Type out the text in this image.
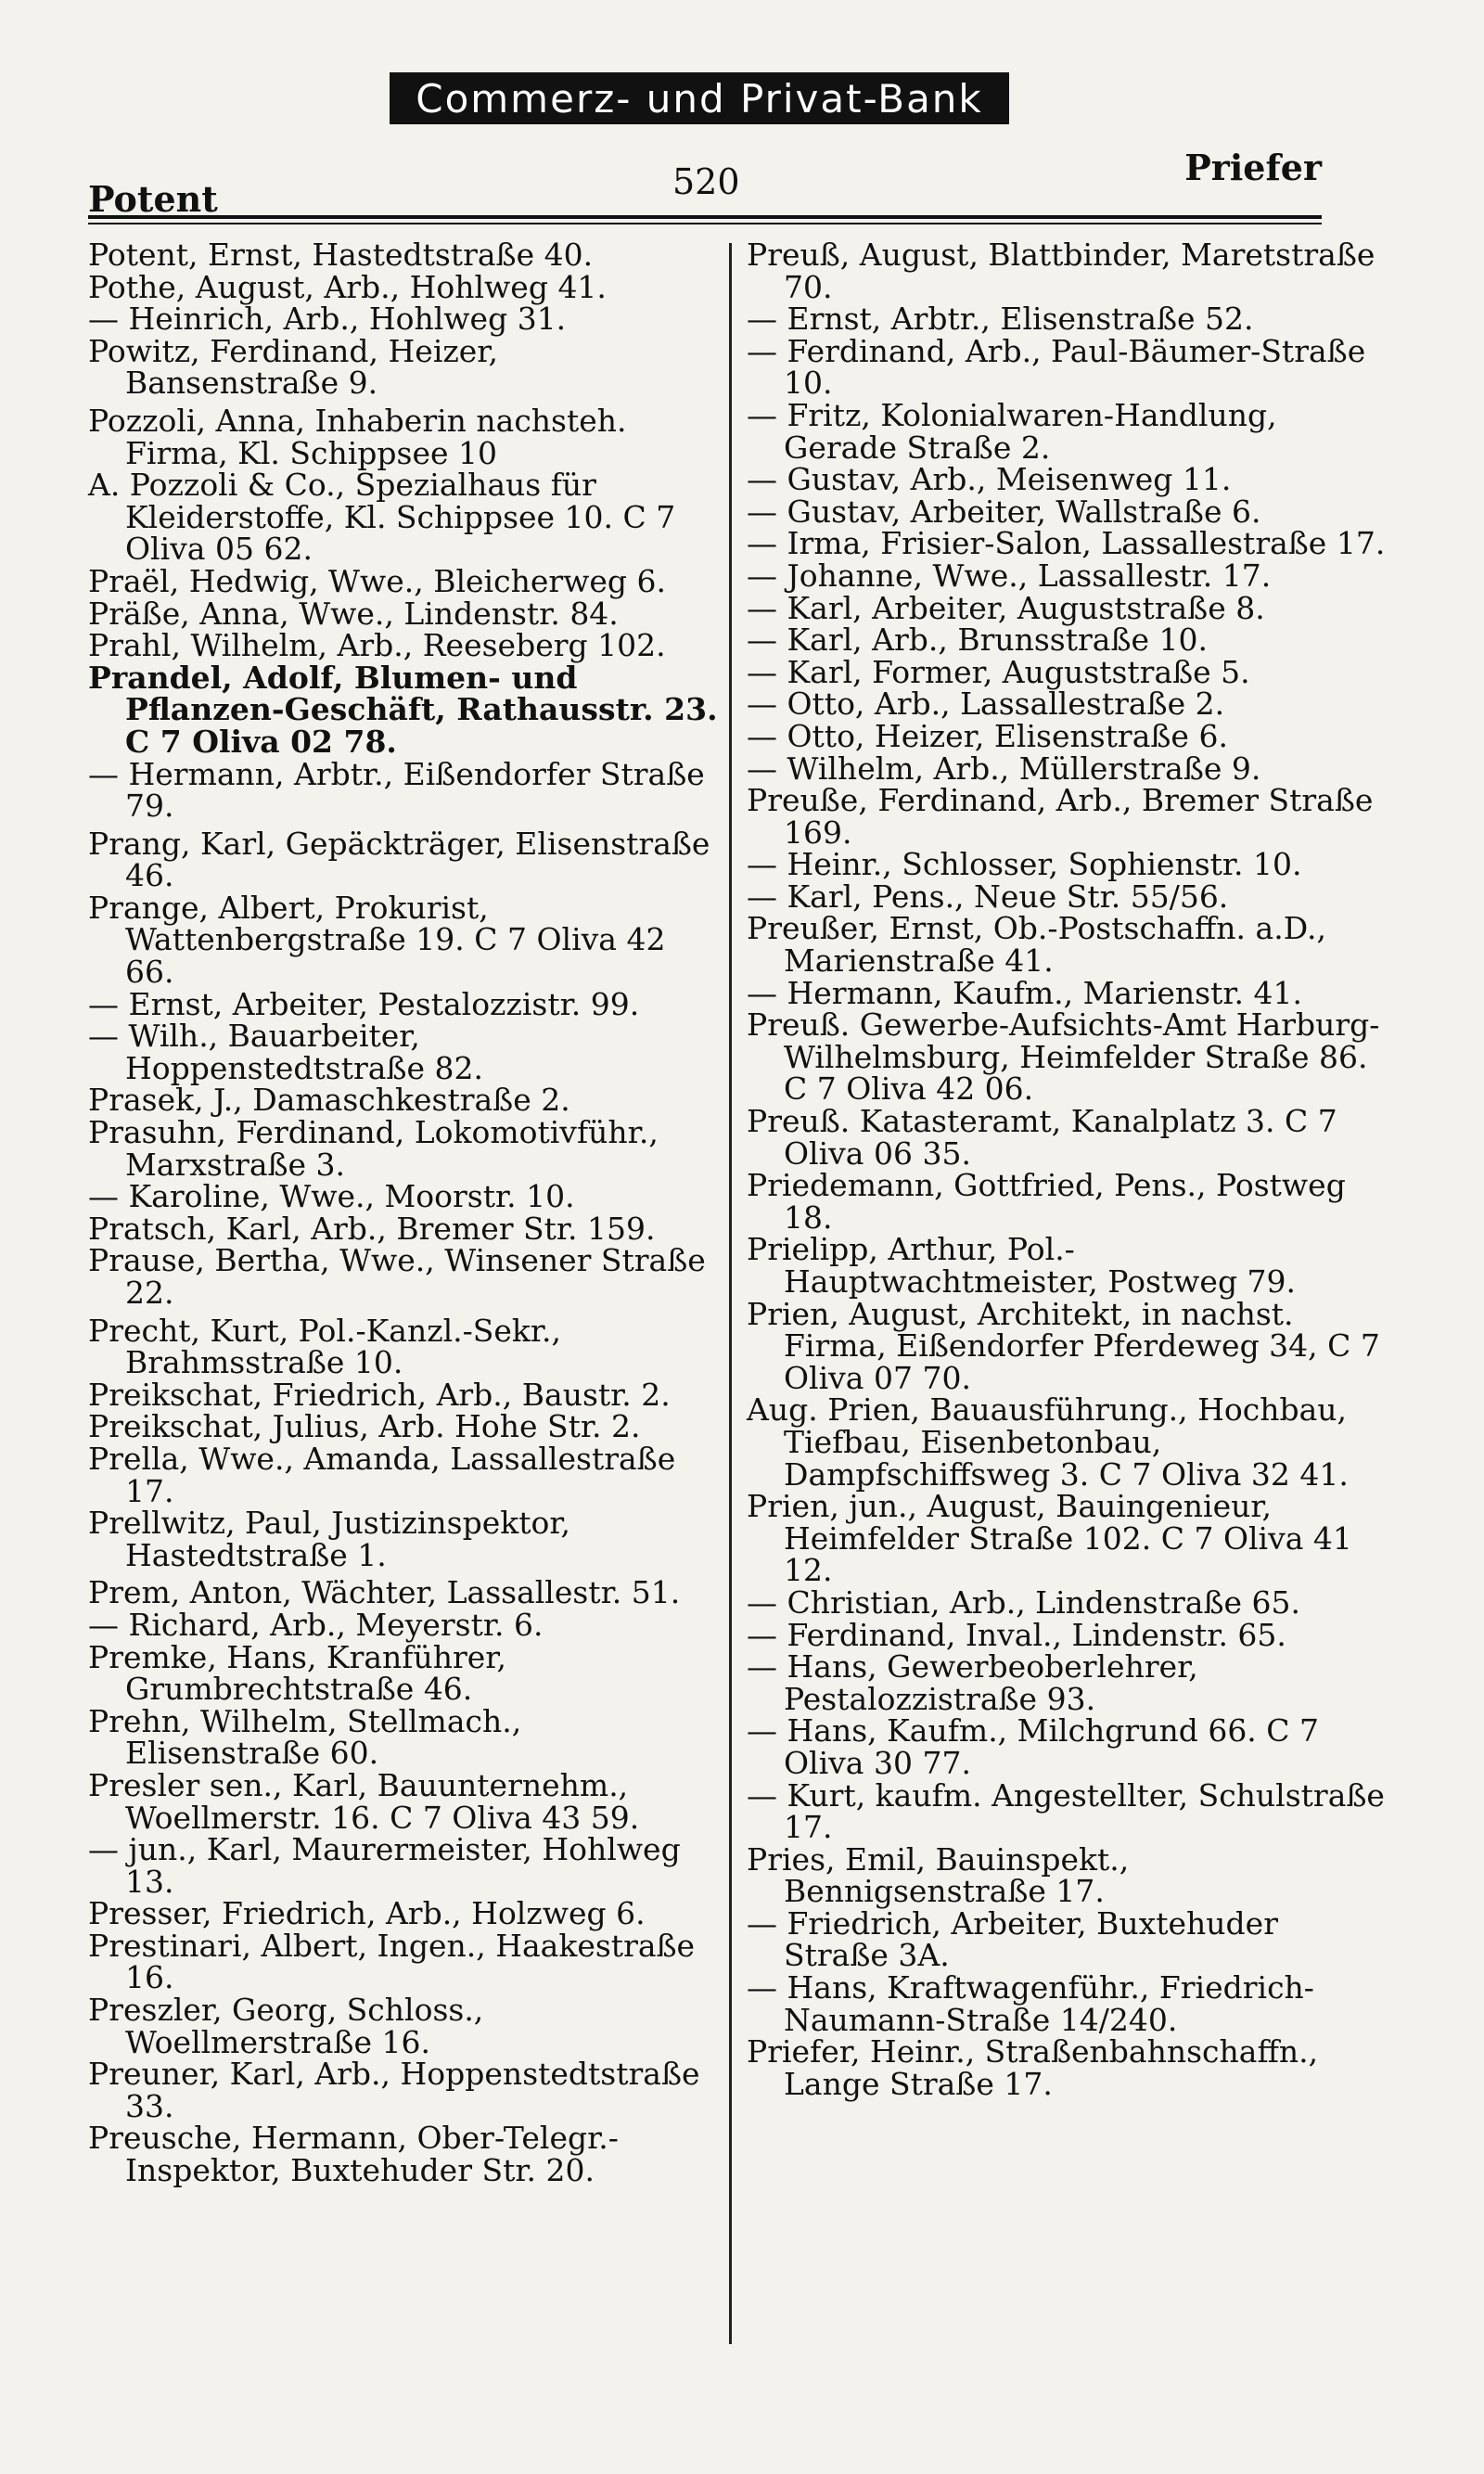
Commerz- und Privat-Bank
Potent	520	Priefer

Potent, Ernst, Hastedtstraße 40.

Pothe, August, Arb., Hohlweg 41.

— Heinrich, Arb., Hohlweg 31.

Powitz, Ferdinand, Heizer, Bansenstraße 9.

Pozzoli, Anna, Inhaberin nachsteh. Firma, Kl. Schippsee 10

A. Pozzoli & Co., Spezialhaus für Kleiderstoffe, Kl. Schippsee 10. C 7 Oliva 05 62.

Praël, Hedwig, Wwe., Bleicherweg 6.

Präße, Anna, Wwe., Lindenstr. 84.

Prahl, Wilhelm, Arb., Reeseberg 102.

Prandel, Adolf, Blumen- und Pflanzen-Geschäft, Rathausstr. 23. C 7 Oliva 02 78.

— Hermann, Arbtr., Eißendorfer Straße 79.

Prang, Karl, Gepäckträger, Elisenstraße 46.

Prange, Albert, Prokurist, Wattenbergstraße 19. C 7 Oliva 42 66.

— Ernst, Arbeiter, Pestalozzistr. 99.

— Wilh., Bauarbeiter, Hoppenstedtstraße 82.

Prasek, J., Damaschkestraße 2.

Prasuhn, Ferdinand, Lokomotivführ., Marxstraße 3.

— Karoline, Wwe., Moorstr. 10.

Pratsch, Karl, Arb., Bremer Str. 159.

Prause, Bertha, Wwe., Winsener Straße 22.

Precht, Kurt, Pol.-Kanzl.-Sekr., Brahmsstraße 10.

Preikschat, Friedrich, Arb., Baustr. 2.

Preikschat, Julius, Arb. Hohe Str. 2.

Prella, Wwe., Amanda, Lassallestraße 17.

Prellwitz, Paul, Justizinspektor, Hastedtstraße 1.

Prem, Anton, Wächter, Lassallestr. 51.

— Richard, Arb., Meyerstr. 6.

Premke, Hans, Kranführer, Grumbrechtstraße 46.

Prehn, Wilhelm, Stellmach., Elisenstraße 60.

Presler sen., Karl, Bauunternehm., Woellmerstr. 16. C 7 Oliva 43 59.

— jun., Karl, Maurermeister, Hohlweg 13.

Presser, Friedrich, Arb., Holzweg 6.

Prestinari, Albert, Ingen., Haakestraße 16.

Preszler, Georg, Schloss., Woellmerstraße 16.

Preuner, Karl, Arb., Hoppenstedtstraße 33.

Preusche, Hermann, Ober-Telegr.-Inspektor, Buxtehuder Str. 20.

Preuß, August, Blattbinder, Maretstraße 70.

— Ernst, Arbtr., Elisenstraße 52.

— Ferdinand, Arb., Paul-Bäumer-Straße 10.

— Fritz, Kolonialwaren-Handlung, Gerade Straße 2.

— Gustav, Arb., Meisenweg 11.

— Gustav, Arbeiter, Wallstraße 6.

— Irma, Frisier-Salon, Lassallestraße 17.

— Johanne, Wwe., Lassallestr. 17.

— Karl, Arbeiter, Auguststraße 8.

— Karl, Arb., Brunsstraße 10.

— Karl, Former, Auguststraße 5.

— Otto, Arb., Lassallestraße 2.

— Otto, Heizer, Elisenstraße 6.

— Wilhelm, Arb., Müllerstraße 9.

Preuße, Ferdinand, Arb., Bremer Straße 169.

— Heinr., Schlosser, Sophienstr. 10.

— Karl, Pens., Neue Str. 55/56.

Preußer, Ernst, Ob.-Postschaffn. a.D., Marienstraße 41.

— Hermann, Kaufm., Marienstr. 41.

Preuß. Gewerbe-Aufsichts-Amt Harburg-Wilhelmsburg, Heimfelder Straße 86. C 7 Oliva 42 06.

Preuß. Katasteramt, Kanalplatz 3. C 7 Oliva 06 35.

Priedemann, Gottfried, Pens., Postweg 18.

Prielipp, Arthur, Pol.-Hauptwachtmeister, Postweg 79.

Prien, August, Architekt, in nachst. Firma, Eißendorfer Pferdeweg 34, C 7 Oliva 07 70.

Aug. Prien, Bauausführung., Hochbau, Tiefbau, Eisenbetonbau, Dampfschiffsweg 3. C 7 Oliva 32 41.

Prien, jun., August, Bauingenieur, Heimfelder Straße 102. C 7 Oliva 41 12.

— Christian, Arb., Lindenstraße 65.

— Ferdinand, Inval., Lindenstr. 65.

— Hans, Gewerbeoberlehrer, Pestalozzistraße 93.

— Hans, Kaufm., Milchgrund 66. C 7 Oliva 30 77.

— Kurt, kaufm. Angestellter, Schulstraße 17.

Pries, Emil, Bauinspekt., Bennigsenstraße 17.

— Friedrich, Arbeiter, Buxtehuder Straße 3A.

— Hans, Kraftwagenführ., Friedrich-Naumann-Straße 14/240.

Priefer, Heinr., Straßenbahnschaffn., Lange Straße 17.
